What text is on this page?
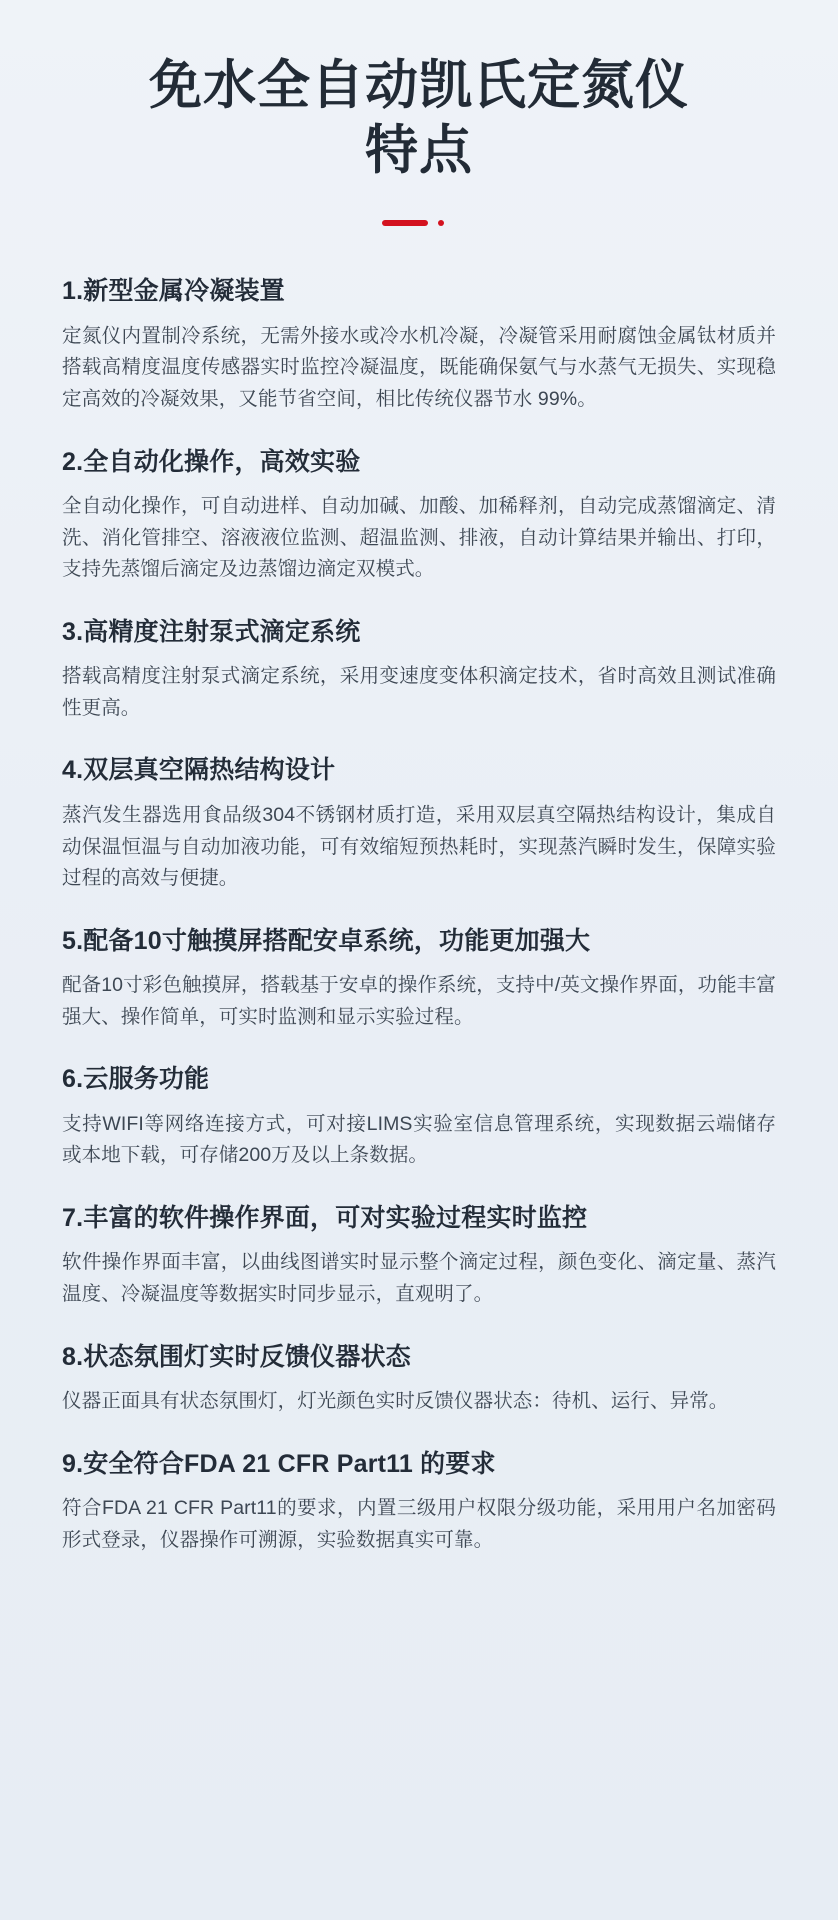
免水全自动凯氏定氮仪
特点
1.新型金属冷凝装置
定氮仪内置制冷系统，无需外接水或冷水机冷凝，冷凝管采用耐腐蚀金属钛材质并搭载高精度温度传感器实时监控冷凝温度，既能确保氨气与水蒸气无损失、实现稳定高效的冷凝效果，又能节省空间，相比传统仪器节水 99%。
2.全自动化操作，高效实验
全自动化操作，可自动进样、自动加碱、加酸、加稀释剂，自动完成蒸馏滴定、清洗、消化管排空、溶液液位监测、超温监测、排液，自动计算结果并输出、打印，支持先蒸馏后滴定及边蒸馏边滴定双模式。
3.高精度注射泵式滴定系统
搭载高精度注射泵式滴定系统，采用变速度变体积滴定技术，省时高效且测试准确性更高。
4.双层真空隔热结构设计
蒸汽发生器选用食品级304不锈钢材质打造，采用双层真空隔热结构设计，集成自动保温恒温与自动加液功能，可有效缩短预热耗时，实现蒸汽瞬时发生，保障实验过程的高效与便捷。
5.配备10寸触摸屏搭配安卓系统，功能更加强大
配备10寸彩色触摸屏，搭载基于安卓的操作系统，支持中/英文操作界面，功能丰富强大、操作简单，可实时监测和显示实验过程。
6.云服务功能
支持WIFI等网络连接方式，可对接LIMS实验室信息管理系统，实现数据云端储存或本地下载，可存储200万及以上条数据。
7.丰富的软件操作界面，可对实验过程实时监控
软件操作界面丰富，以曲线图谱实时显示整个滴定过程，颜色变化、滴定量、蒸汽温度、冷凝温度等数据实时同步显示，直观明了。
8.状态氛围灯实时反馈仪器状态
仪器正面具有状态氛围灯，灯光颜色实时反馈仪器状态：待机、运行、异常。
9.安全符合FDA 21 CFR Part11 的要求
符合FDA 21 CFR Part11的要求，内置三级用户权限分级功能，采用用户名加密码形式登录，仪器操作可溯源，实验数据真实可靠。
